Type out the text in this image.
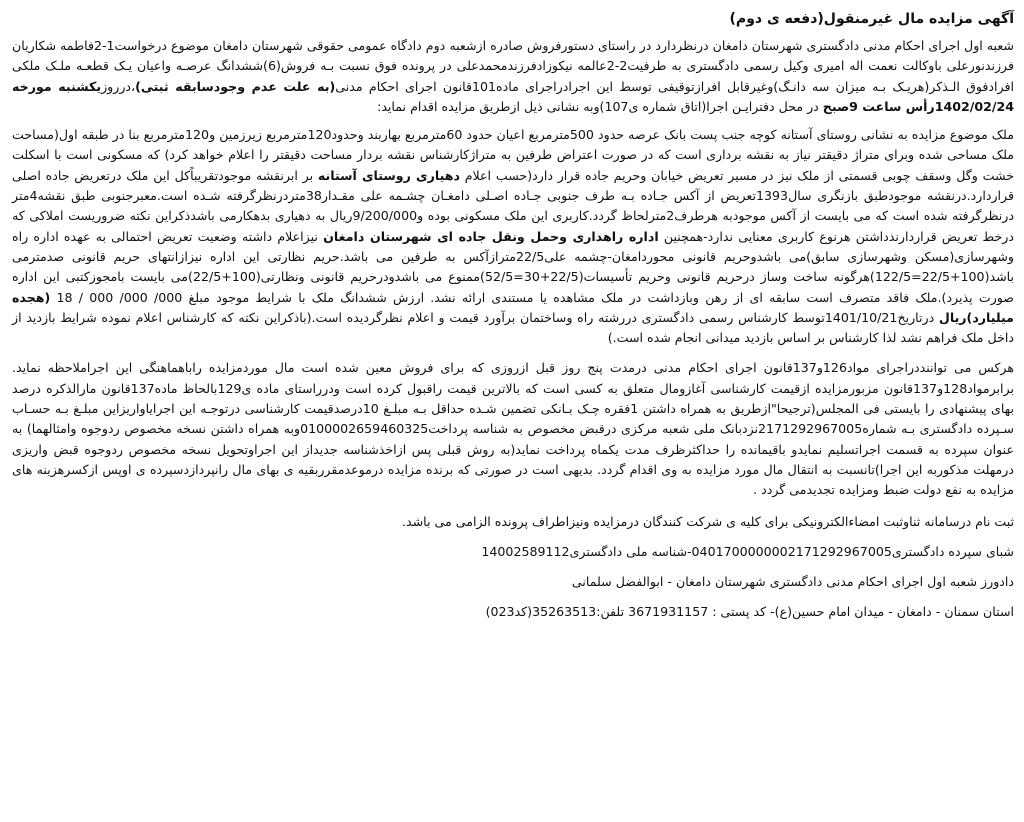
آگهی مزایده مال غیرمنقول(دفعه ی دوم)

شعبه اول اجرای احکام مدنی دادگستری شهرستان دامغان درنظردارد در راستای دستورفروش صادره ازشعبه دوم دادگاه عمومی حقوقی شهرستان دامغان موضوع درخواست1-2فاطمه شکاریان فرزندنورعلی باوکالت نعمت اله امیری وکیل رسمی دادگستری به طرفیت2-2عالمه نیکوزادفرزندمحمدعلی در پرونده فوق نسبت بـه فروش(6)ششدانگ عرصـه واعیان یـک قطعـه ملـک ملکی افرادفوق الـذکر(هریـک بـه میزان سه دانـگ)وغیرقابل افرازتوقیفی توسط این اجرادراجرای ماده101قانون اجرای احکام مدنی(به علت عدم وجودسابقه ثبتی)،درروزیکشنبه مورخه 1402/02/24رأس ساعت 9صبح در محل دفترایـن اجرا(اتاق شماره ی107)وبه نشانی ذیل ازطریق مزایده اقدام نماید:

ملک موضوع مزایده به نشانی روستای آستانه کوچه جنب پست بانک عرصه حدود 500مترمربع اعیان حدود 60مترمربع بهاربند وحدود120مترمربع زیرزمین و120مترمربع بنا در طبقه اول(مساحت ملک مساحی شده وبرای متراژ دقیقتر نیاز به نقشه برداری است که در صورت اعتراض طرفین به متراژکارشناس نقشه بردار مساحت دقیقتر را اعلام خواهد کرد) که مسکونی است با اسکلت خشت وگل وسقف چوبی قسمتی از ملک نیز در مسیر تعریض خیابان وحریم جاده قرار دارد(حسب اعلام دهیاری روستای آستانه بر ابرنقشه موجودتقریباًکل این ملک درتعریض جاده اصلی قراردارد.درنقشه موجودطبق بازنگری سال1393تعریض از آکس جـاده بـه طرف جنوبی جـاده اصـلی دامغـان چشـمه علی مقـدار38متردرنظرگرفته شـده است.معبرجنوبی طبق نقشه4متر درنظرگرفته شده است که می بایست از آکس موجودبه هرطرف2مترلحاظ گردد.کاربری این ملک مسکونی بوده و9/200/000ریال به دهیاری بدهکارمی باشدذکراین نکته ضروریست املاکی که درخط تعریض قراردارندداشتن هرنوع کاربری معنایی ندارد-همچنین اداره راهداری وحمل ونقل جاده ای شهرستان دامغان نیزاعلام داشته وضعیت تعریض احتمالی به عهده اداره راه وشهرسازی(مسکن وشهرسازی سابق)می باشدوحریم قانونی محوردامغان-چشمه علی22/5مترازآکس به طرفین می باشد.حریم نظارتی این اداره نیزازانتهای حریم قانونی صدمترمی باشد(100+22/5=122/5)هرگونه ساخت وساز درحریم قانونی وحریم تأسیسات(22/5+30=52/5)ممنوع می باشدودرحریم قانونی ونظارتی(100+22/5)می بایست بامجوزکتبی این اداره صورت پذیرد).ملک فاقد متصرف است سابقه ای از رهن وبازداشت در ملک مشاهده یا مستندی ارائه نشد. ارزش ششدانگ ملک با شرایط موجود مبلغ 000/ 000/ 000 / 18 (هجده میلیارد)ریال درتاریخ1401/10/21توسط کارشناس رسمی دادگستری دررشته راه وساختمان برآورد قیمت و اعلام نظرگردیده است.(باذکراین نکته که کارشناس اعلام نموده شرایط بازدید از داخل ملک فراهم نشد لذا کارشناس بر اساس بازدید میدانی انجام شده است.)

هرکس می تواننددراجرای مواد126و137قانون اجرای احکام مدنی درمدت پنج روز قبل ازروزی که برای فروش معین شده است مال موردمزایده راباهماهنگی این اجراملاحظه نماید. برابرمواد128و137قانون مزبورمزایده ازقیمت کارشناسی آغازومال متعلق به کسی است که بالاترین قیمت راقبول کرده است ودرراستای ماده ی129بالحاظ ماده137قانون مارالذکره درصد بهای پیشنهادی را بایستی فی المجلس(ترجیحا"ازطریق به همراه داشتن 1فقره چـک بـانکی تضمین شـده حداقل بـه مبلـغ 10درصدقیمت کارشناسی درتوجـه این اجرایاواریزاین مبلـغ بـه حسـاب سـپرده دادگستری بـه شماره2171292967005نزدبانک ملی شعبه مرکزی درقبض مخصوص به شناسه پرداخت0100002659460325وبه همراه داشتن نسخه مخصوص ردوجوه وامثالهما) به عنوان سپرده به قسمت اجراتسلیم نمایدو باقیمانده را حداکثرظرف مدت یکماه پرداخت نماید(به روش قبلی پس ازاخذشناسه جدیداز این اجراوتحویل نسخه مخصوص ردوجوه قبض واریزی درمهلت مذکوربه این اجرا)تانسبت به انتقال مال مورد مزایده به وی اقدام گردد. بدیهی است در صورتی که برنده مزایده درموعدمقرربقیه ی بهای مال رانپردازدسپرده ی اوپس ازکسرهزینه های مزایده به نفع دولت ضبط ومزایده تجدیدمی گردد .

ثبت نام درسامانه ثناوثبت امضاءالکترونیکی برای کلیه ی شرکت کنندگان درمزایده ونیزاطراف پرونده الزامی می باشد.

شبای سپرده دادگستری0401700000002171292967005-شناسه ملی دادگستری14002589112

دادورز شعبه اول اجرای احکام مدنی دادگستری شهرستان دامغان - ابوالفضل سلمانی

استان سمنان - دامغان - میدان امام حسین(ع)- کد پستی : 3671931157 تلفن:35263513(کد023)
